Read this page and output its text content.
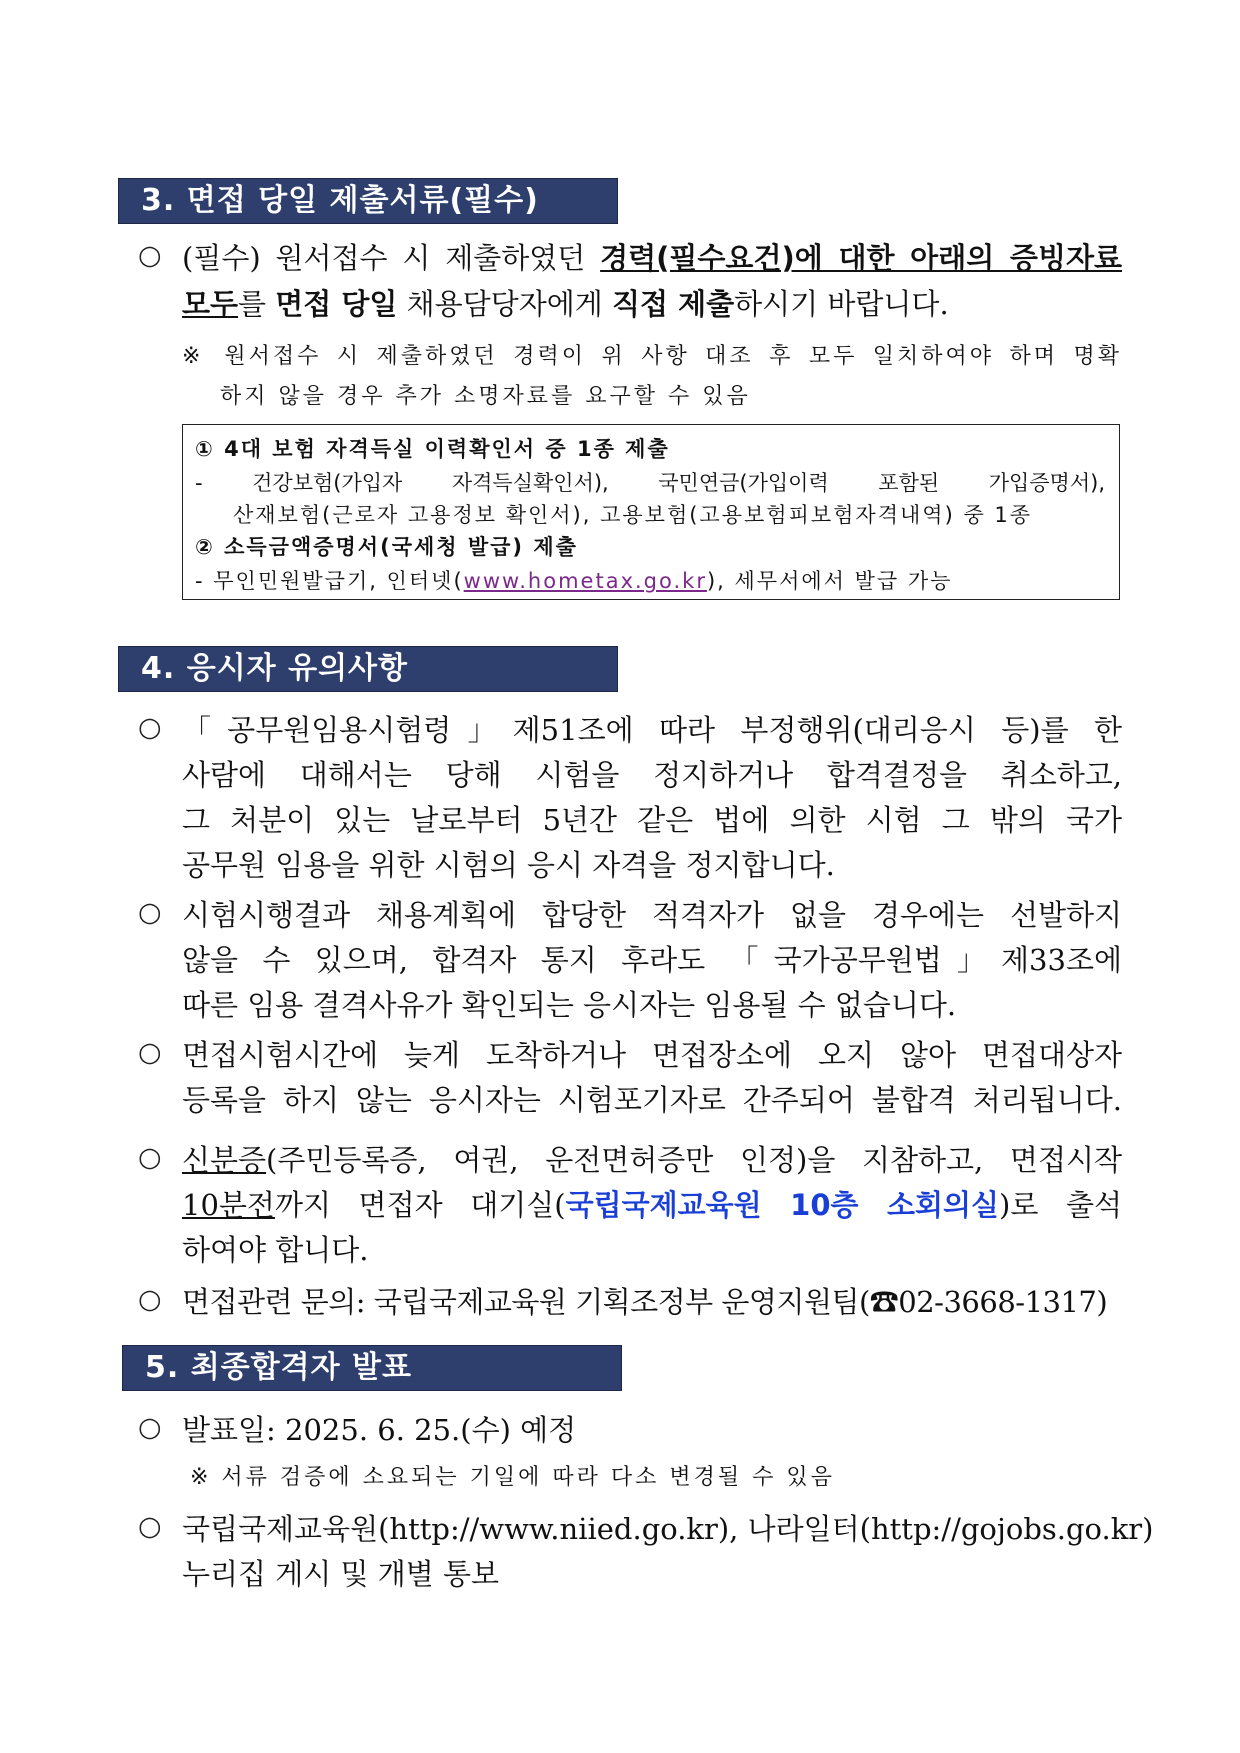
3. 면접 당일 제출서류(필수)
○ (필수) 원서접수 시 제출하였던 경력(필수요건)에 대한 아래의 증빙자료
모두를 면접 당일 채용담당자에게 직접 제출하시기 바랍니다.
※ 원서접수 시 제출하였던 경력이 위 사항 대조 후 모두 일치하여야 하며 명확
하지 않을 경우 추가 소명자료를 요구할 수 있음
① 4대 보험 자격득실 이력확인서 중 1종 제출
- 건강보험(가입자 자격득실확인서), 국민연금(가입이력 포함된 가입증명서),
산재보험(근로자 고용정보 확인서), 고용보험(고용보험피보험자격내역) 중 1종
② 소득금액증명서(국세청 발급) 제출
- 무인민원발급기, 인터넷(www.hometax.go.kr), 세무서에서 발급 가능
4. 응시자 유의사항
○ 「공무원임용시험령」제51조에 따라 부정행위(대리응시 등)를 한
사람에 대해서는 당해 시험을 정지하거나 합격결정을 취소하고,
그 처분이 있는 날로부터 5년간 같은 법에 의한 시험 그 밖의 국가
공무원 임용을 위한 시험의 응시 자격을 정지합니다.
○ 시험시행결과 채용계획에 합당한 적격자가 없을 경우에는 선발하지
않을 수 있으며, 합격자 통지 후라도 「국가공무원법」제33조에
따른 임용 결격사유가 확인되는 응시자는 임용될 수 없습니다.
○ 면접시험시간에 늦게 도착하거나 면접장소에 오지 않아 면접대상자
등록을 하지 않는 응시자는 시험포기자로 간주되어 불합격 처리됩니다.
○ 신분증(주민등록증, 여권, 운전면허증만 인정)을 지참하고, 면접시작
10분전까지 면접자 대기실(국립국제교육원 10층 소회의실)로 출석
하여야 합니다.
○ 면접관련 문의: 국립국제교육원 기획조정부 운영지원팀(☎02-3668-1317)
5. 최종합격자 발표
○ 발표일: 2025. 6. 25.(수) 예정
※ 서류 검증에 소요되는 기일에 따라 다소 변경될 수 있음
○ 국립국제교육원(http://www.niied.go.kr), 나라일터(http://gojobs.go.kr)
누리집 게시 및 개별 통보
